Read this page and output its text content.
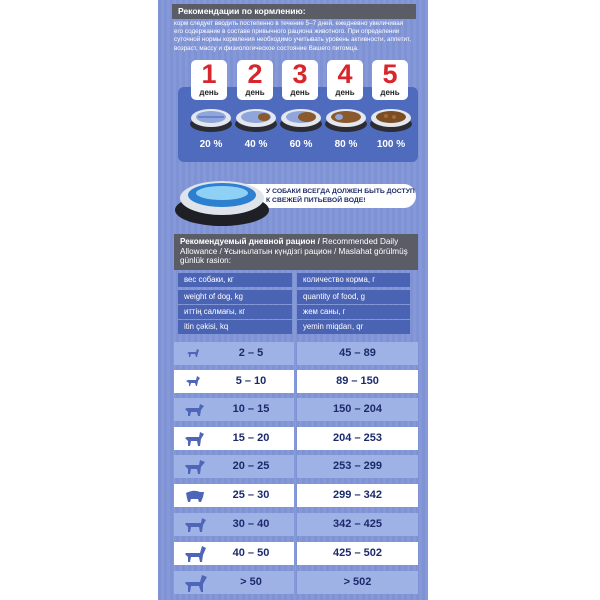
Рекомендации по кормлению:
корм следует вводить постепенно в течение 5–7 дней, ежедневно увеличивая его содержание в составе привычного рациона животного. При определении суточной нормы кормления необходимо учитывать уровень активности, аппетит, возраст, массу и физиологическое состояние Вашего питомца.
1
день
2
день
3
день
4
день
5
день
20 %	40 %	60 %	80 %	100 %
У СОБАКИ ВСЕГДА ДОЛЖЕН БЫТЬ ДОСТУП К СВЕЖЕЙ ПИТЬЕВОЙ ВОДЕ!
Рекомендуемый дневной рацион / Recommended Daily Allowance / Ұсынылатын күндізгі рацион / Maslahat görülmüş günlük rasion:
вес собаки, кг	количество корма, г
weight of dog, kg	quantity of food, g
иттің салмағы, кг	жем саны, г
itin çəkisi, kq	yemin miqdarı, qr
2 – 5	45 – 89
5 – 10	89 – 150
10 – 15	150 – 204
15 – 20	204 – 253
20 – 25	253 – 299
25 – 30	299 – 342
30 – 40	342 – 425
40 – 50	425 – 502
> 50	> 502
